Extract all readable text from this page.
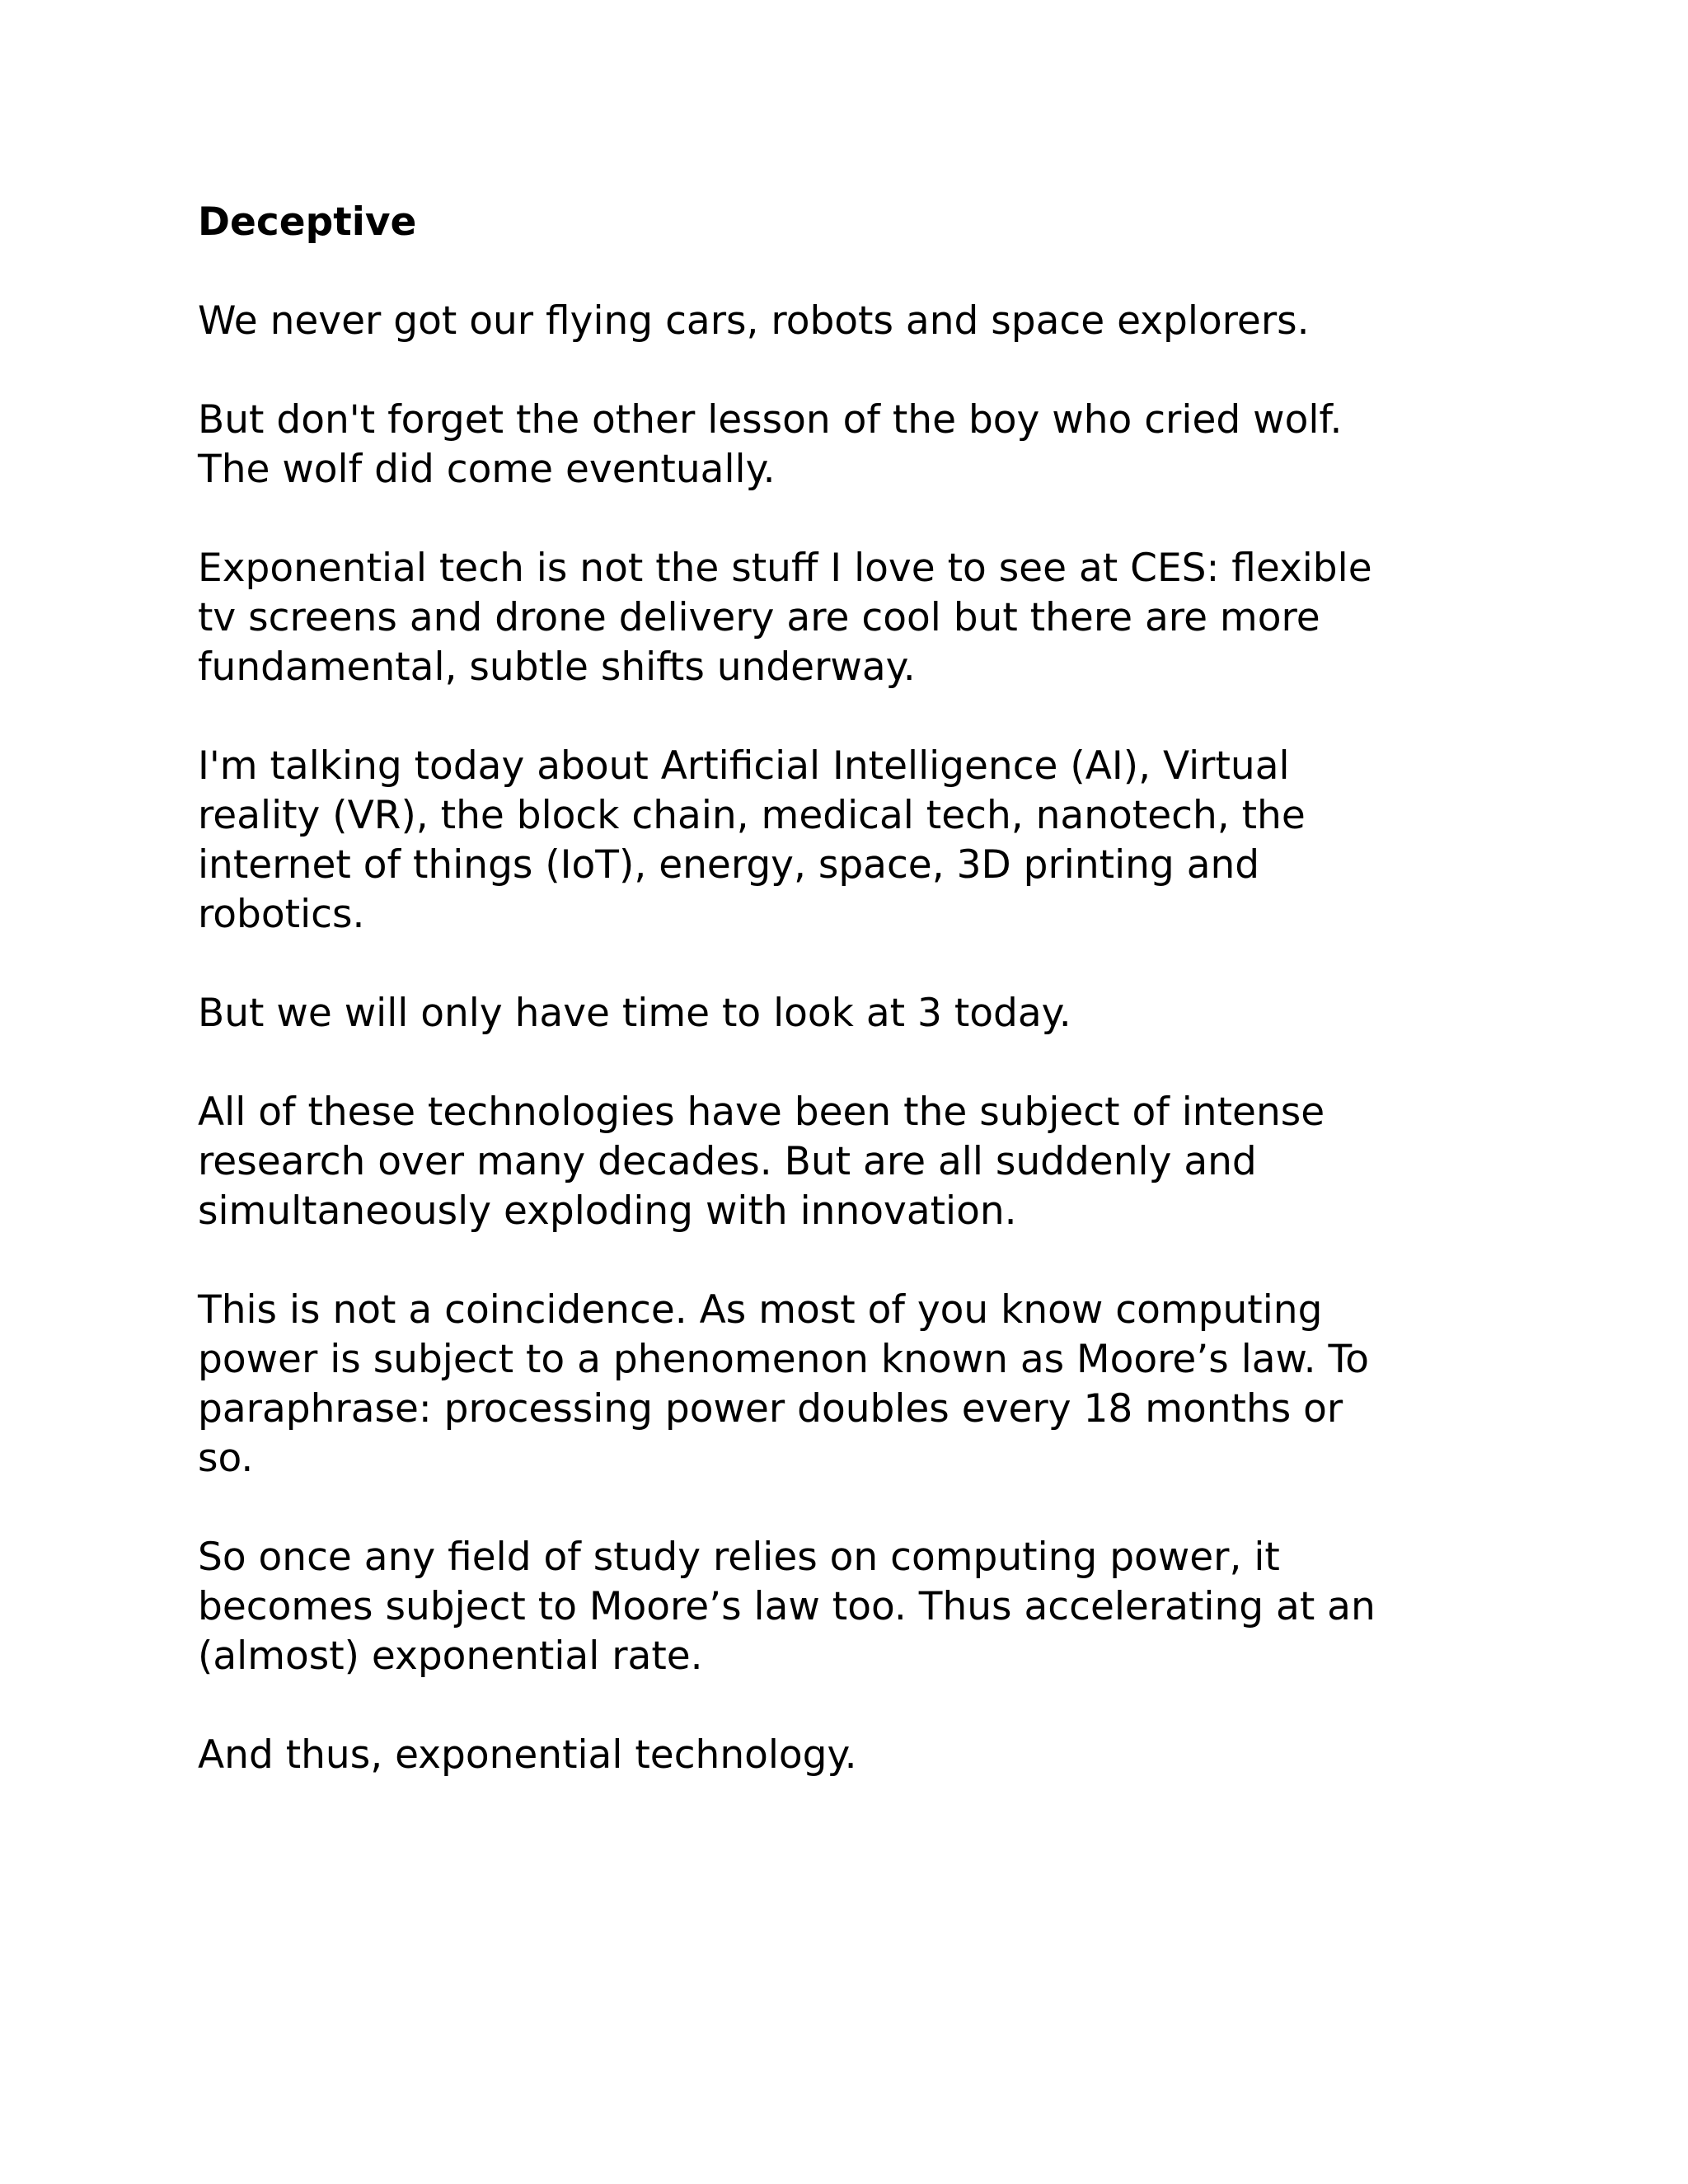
Deceptive
We never got our flying cars, robots and space explorers.
But don't forget the other lesson of the boy who cried wolf.
The wolf did come eventually.
Exponential tech is not the stuff I love to see at CES: flexible
tv screens and drone delivery are cool but there are more
fundamental, subtle shifts underway.
I'm talking today about Artificial Intelligence (AI), Virtual
reality (VR), the block chain, medical tech, nanotech, the
internet of things (IoT), energy, space, 3D printing and
robotics.
But we will only have time to look at 3 today.
All of these technologies have been the subject of intense
research over many decades. But are all suddenly and
simultaneously exploding with innovation.
This is not a coincidence. As most of you know computing
power is subject to a phenomenon known as Moore’s law. To
paraphrase: processing power doubles every 18 months or
so.
So once any field of study relies on computing power, it
becomes subject to Moore’s law too. Thus accelerating at an
(almost) exponential rate.
And thus, exponential technology.
